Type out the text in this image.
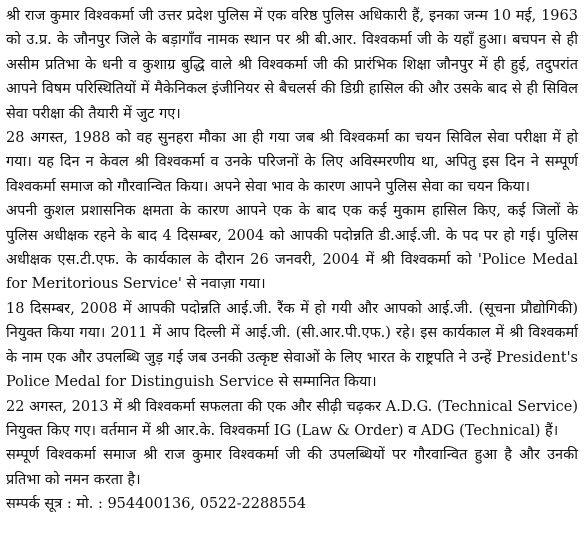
श्री राज कुमार विश्वकर्मा जी उत्तर प्रदेश पुलिस में एक वरिष्ठ पुलिस अधिकारी हैं, इनका जन्म 10 मई, 1963 को उ.प्र. के जौनपुर जिले के बड़ागाँव नामक स्थान पर श्री बी.आर. विश्वकर्मा जी के यहाँ हुआ। बचपन से ही असीम प्रतिभा के धनी व कुशाग्र बुद्धि वाले श्री विश्वकर्मा जी की प्रारंभिक शिक्षा जौनपुर में ही हुई, तदुपरांत आपने विषम परिस्थितियों में मैकेनिकल इंजीनियर से बैचलर्स की डिग्री हासिल की और उसके बाद से ही सिविल सेवा परीक्षा की तैयारी में जुट गए।

28 अगस्त, 1988 को वह सुनहरा मौका आ ही गया जब श्री विश्वकर्मा का चयन सिविल सेवा परीक्षा में हो गया। यह दिन न केवल श्री विश्वकर्मा व उनके परिजनों के लिए अविस्मरणीय था, अपितु इस दिन ने सम्पूर्ण विश्वकर्मा समाज को गौरवान्वित किया। अपने सेवा भाव के कारण आपने पुलिस सेवा का चयन किया।

अपनी कुशल प्रशासनिक क्षमता के कारण आपने एक के बाद एक कई मुकाम हासिल किए, कई जिलों के पुलिस अधीक्षक रहने के बाद 4 दिसम्बर, 2004 को आपकी पदोन्नति डी.आई.जी. के पद पर हो गई। पुलिस अधीक्षक एस.टी.एफ. के कार्यकाल के दौरान 26 जनवरी, 2004 में श्री विश्वकर्मा को 'Police Medal for Meritorious Service' से नवाज़ा गया।

18 दिसम्बर, 2008 में आपकी पदोन्नति आई.जी. रैंक में हो गयी और आपको आई.जी. (सूचना प्रौद्योगिकी) नियुक्त किया गया। 2011 में आप दिल्ली में आई.जी. (सी.आर.पी.एफ.) रहे। इस कार्यकाल में श्री विश्वकर्मा के नाम एक और उपलब्धि जुड़ गई जब उनकी उत्कृष्ट सेवाओं के लिए भारत के राष्ट्रपति ने उन्हें President's Police Medal for Distinguish Service से सम्मानित किया।

22 अगस्त, 2013 में श्री विश्वकर्मा सफलता की एक और सीढ़ी चढ़कर A.D.G. (Technical Service) नियुक्त किए गए। वर्तमान में श्री आर.के. विश्वकर्मा IG (Law & Order) व ADG (Technical) हैं।

सम्पूर्ण विश्वकर्मा समाज श्री राज कुमार विश्वकर्मा जी की उपलब्धियों पर गौरवान्वित हुआ है और उनकी प्रतिभा को नमन करता है।

सम्पर्क सूत्र : मो. : 954400136, 0522-2288554
